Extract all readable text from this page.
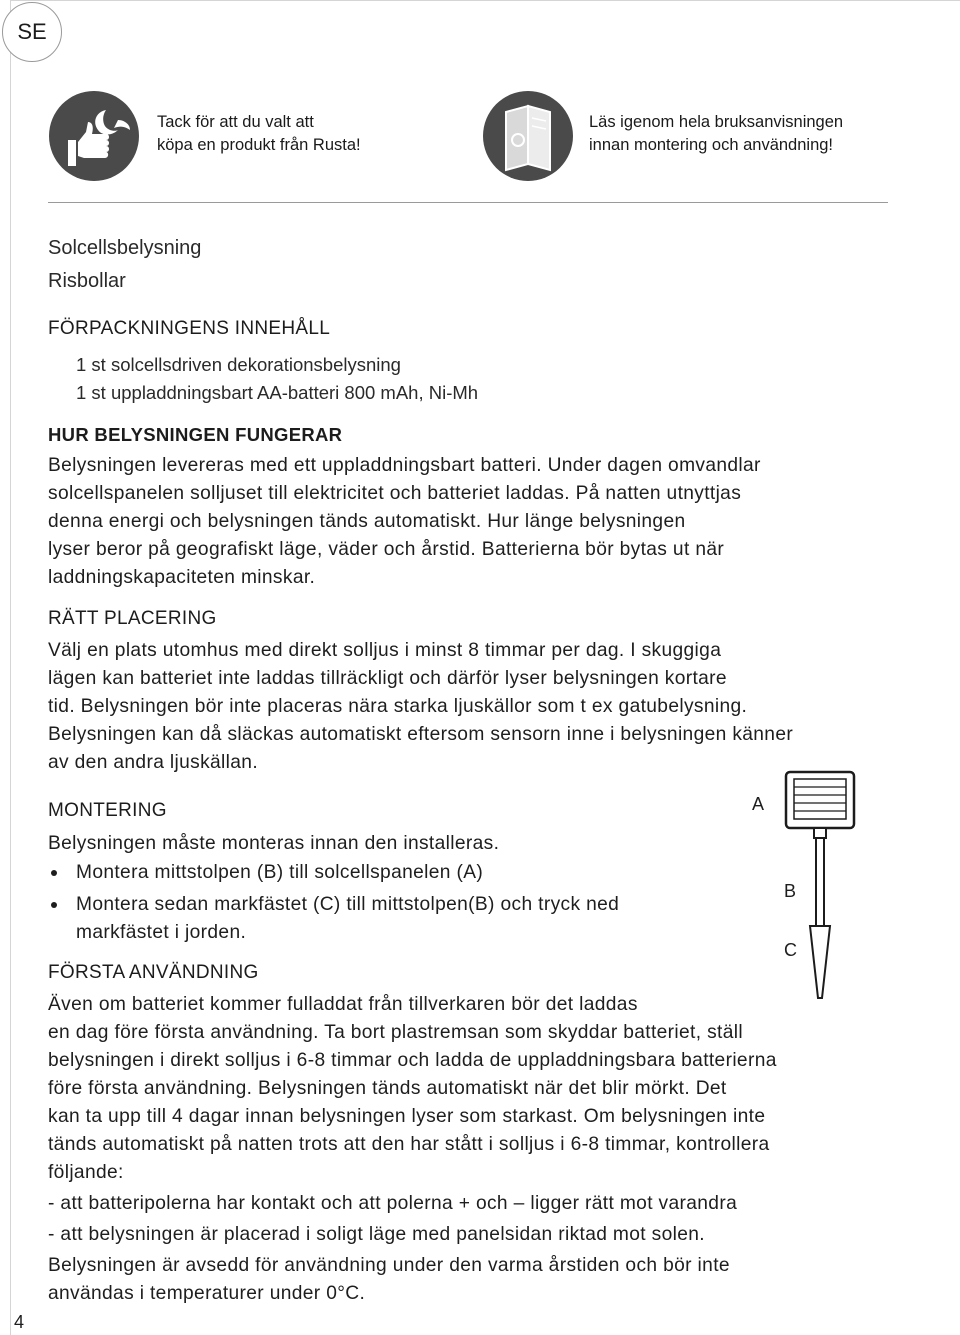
SE
Tack för att du valt att
köpa en produkt från Rusta!
Läs igenom hela bruksanvisningen
innan montering och användning!
Solcellsbelysning
Risbollar
FÖRPACKNINGENS INNEHÅLL
1 st solcellsdriven dekorationsbelysning
1 st uppladdningsbart AA-batteri 800 mAh, Ni-Mh
HUR BELYSNINGEN FUNGERAR
Belysningen levereras med ett uppladdningsbart batteri. Under dagen omvandlar
solcellspanelen solljuset till elektricitet och batteriet laddas. På natten utnyttjas
denna energi och belysningen tänds automatiskt. Hur länge belysningen
lyser beror på geografiskt läge, väder och årstid. Batterierna bör bytas ut när
laddningskapaciteten minskar.
RÄTT PLACERING
Välj en plats utomhus med direkt solljus i minst 8 timmar per dag. I skuggiga
lägen kan batteriet inte laddas tillräckligt och därför lyser belysningen kortare
tid. Belysningen bör inte placeras nära starka ljuskällor som t ex gatubelysning.
Belysningen kan då släckas automatiskt eftersom sensorn inne i belysningen känner
av den andra ljuskällan.
MONTERING
Belysningen måste monteras innan den installeras.
Montera mittstolpen (B) till solcellspanelen (A)
Montera sedan markfästet (C) till mittstolpen(B) och tryck ned
markfästet i jorden.
A
B
C
FÖRSTA ANVÄNDNING
Även om batteriet kommer fulladdat från tillverkaren bör det laddas
en dag före första användning. Ta bort plastremsan som skyddar batteriet, ställ
belysningen i direkt solljus i 6-8 timmar och ladda de uppladdningsbara batterierna
före första användning. Belysningen tänds automatiskt när det blir mörkt. Det
kan ta upp till 4 dagar innan belysningen lyser som starkast. Om belysningen inte
tänds automatiskt på natten trots att den har stått i solljus i 6-8 timmar, kontrollera
följande:
- att batteripolerna har kontakt och att polerna + och – ligger rätt mot varandra
- att belysningen är placerad i soligt läge med panelsidan riktad mot solen.
Belysningen är avsedd för användning under den varma årstiden och bör inte
användas i temperaturer under 0°C.
4
